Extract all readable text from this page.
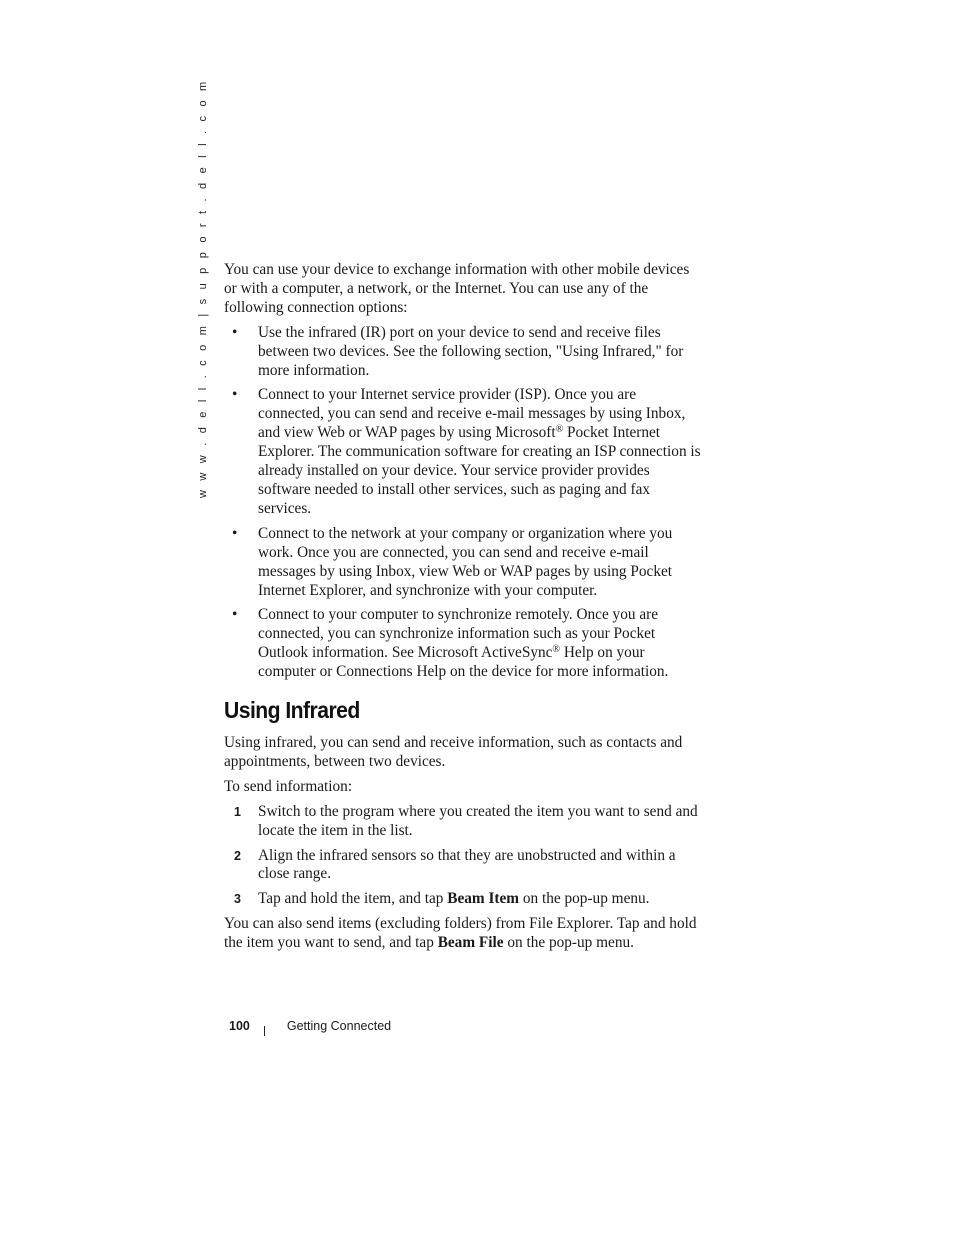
w w w . d e l l . c o m | s u p p o r t . d e l l . c o m You can use your device to exchange information with other mobile devices or with a computer, a network, or the Internet. You can use any of the following connection options:

• Use the infrared (IR) port on your device to send and receive files between two devices. See the following section, "Using Infrared," for more information.
• Connect to your Internet service provider (ISP). Once you are connected, you can send and receive e-mail messages by using Inbox, and view Web or WAP pages by using Microsoft® Pocket Internet Explorer. The communication software for creating an ISP connection is already installed on your device. Your service provider provides software needed to install other services, such as paging and fax services.
• Connect to the network at your company or organization where you work. Once you are connected, you can send and receive e-mail messages by using Inbox, view Web or WAP pages by using Pocket Internet Explorer, and synchronize with your computer.
• Connect to your computer to synchronize remotely. Once you are connected, you can synchronize information such as your Pocket Outlook information. See Microsoft ActiveSync® Help on your computer or Connections Help on the device for more information.
Using Infrared

Using infrared, you can send and receive information, such as contacts and appointments, between two devices.

To send information:

1 Switch to the program where you created the item you want to send and locate the item in the list.
2 Align the infrared sensors so that they are unobstructed and within a close range.
3 Tap and hold the item, and tap Beam Item on the pop-up menu.

You can also send items (excluding folders) from File Explorer. Tap and hold the item you want to send, and tap Beam File on the pop-up menu.

100	Getting Connected
